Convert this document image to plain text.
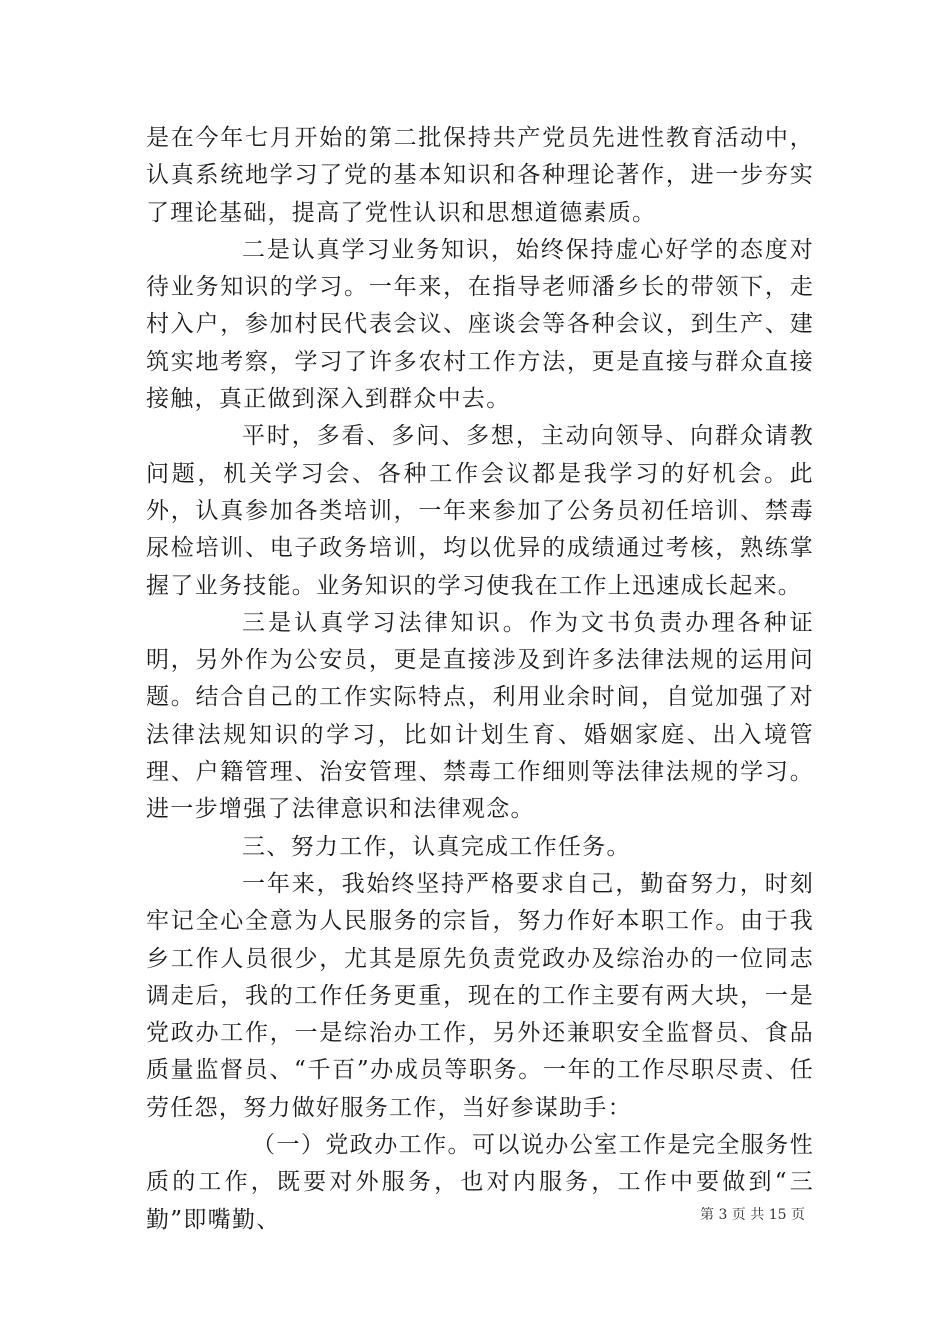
是在今年七月开始的第二批保持共产党员先进性教育活动中，认真系统地学习了党的基本知识和各种理论著作，进一步夯实了理论基础，提高了党性认识和思想道德素质。

二是认真学习业务知识，始终保持虚心好学的态度对待业务知识的学习。一年来，在指导老师潘乡长的带领下，走村入户，参加村民代表会议、座谈会等各种会议，到生产、建筑实地考察，学习了许多农村工作方法，更是直接与群众直接接触，真正做到深入到群众中去。

平时，多看、多问、多想，主动向领导、向群众请教问题，机关学习会、各种工作会议都是我学习的好机会。此外，认真参加各类培训，一年来参加了公务员初任培训、禁毒尿检培训、电子政务培训，均以优异的成绩通过考核，熟练掌握了业务技能。业务知识的学习使我在工作上迅速成长起来。

三是认真学习法律知识。作为文书负责办理各种证明，另外作为公安员，更是直接涉及到许多法律法规的运用问题。结合自己的工作实际特点，利用业余时间，自觉加强了对法律法规知识的学习，比如计划生育、婚姻家庭、出入境管理、户籍管理、治安管理、禁毒工作细则等法律法规的学习。进一步增强了法律意识和法律观念。

三、努力工作，认真完成工作任务。

一年来，我始终坚持严格要求自己，勤奋努力，时刻牢记全心全意为人民服务的宗旨，努力作好本职工作。由于我乡工作人员很少，尤其是原先负责党政办及综治办的一位同志调走后，我的工作任务更重，现在的工作主要有两大块，一是党政办工作，一是综治办工作，另外还兼职安全监督员、食品质量监督员、“千百”办成员等职务。一年的工作尽职尽责、任劳任怨，努力做好服务工作，当好参谋助手：

（一）党政办工作。可以说办公室工作是完全服务性质的工作，既要对外服务，也对内服务，工作中要做到“三勤”即嘴勤、	第 3 页 共 15 页
